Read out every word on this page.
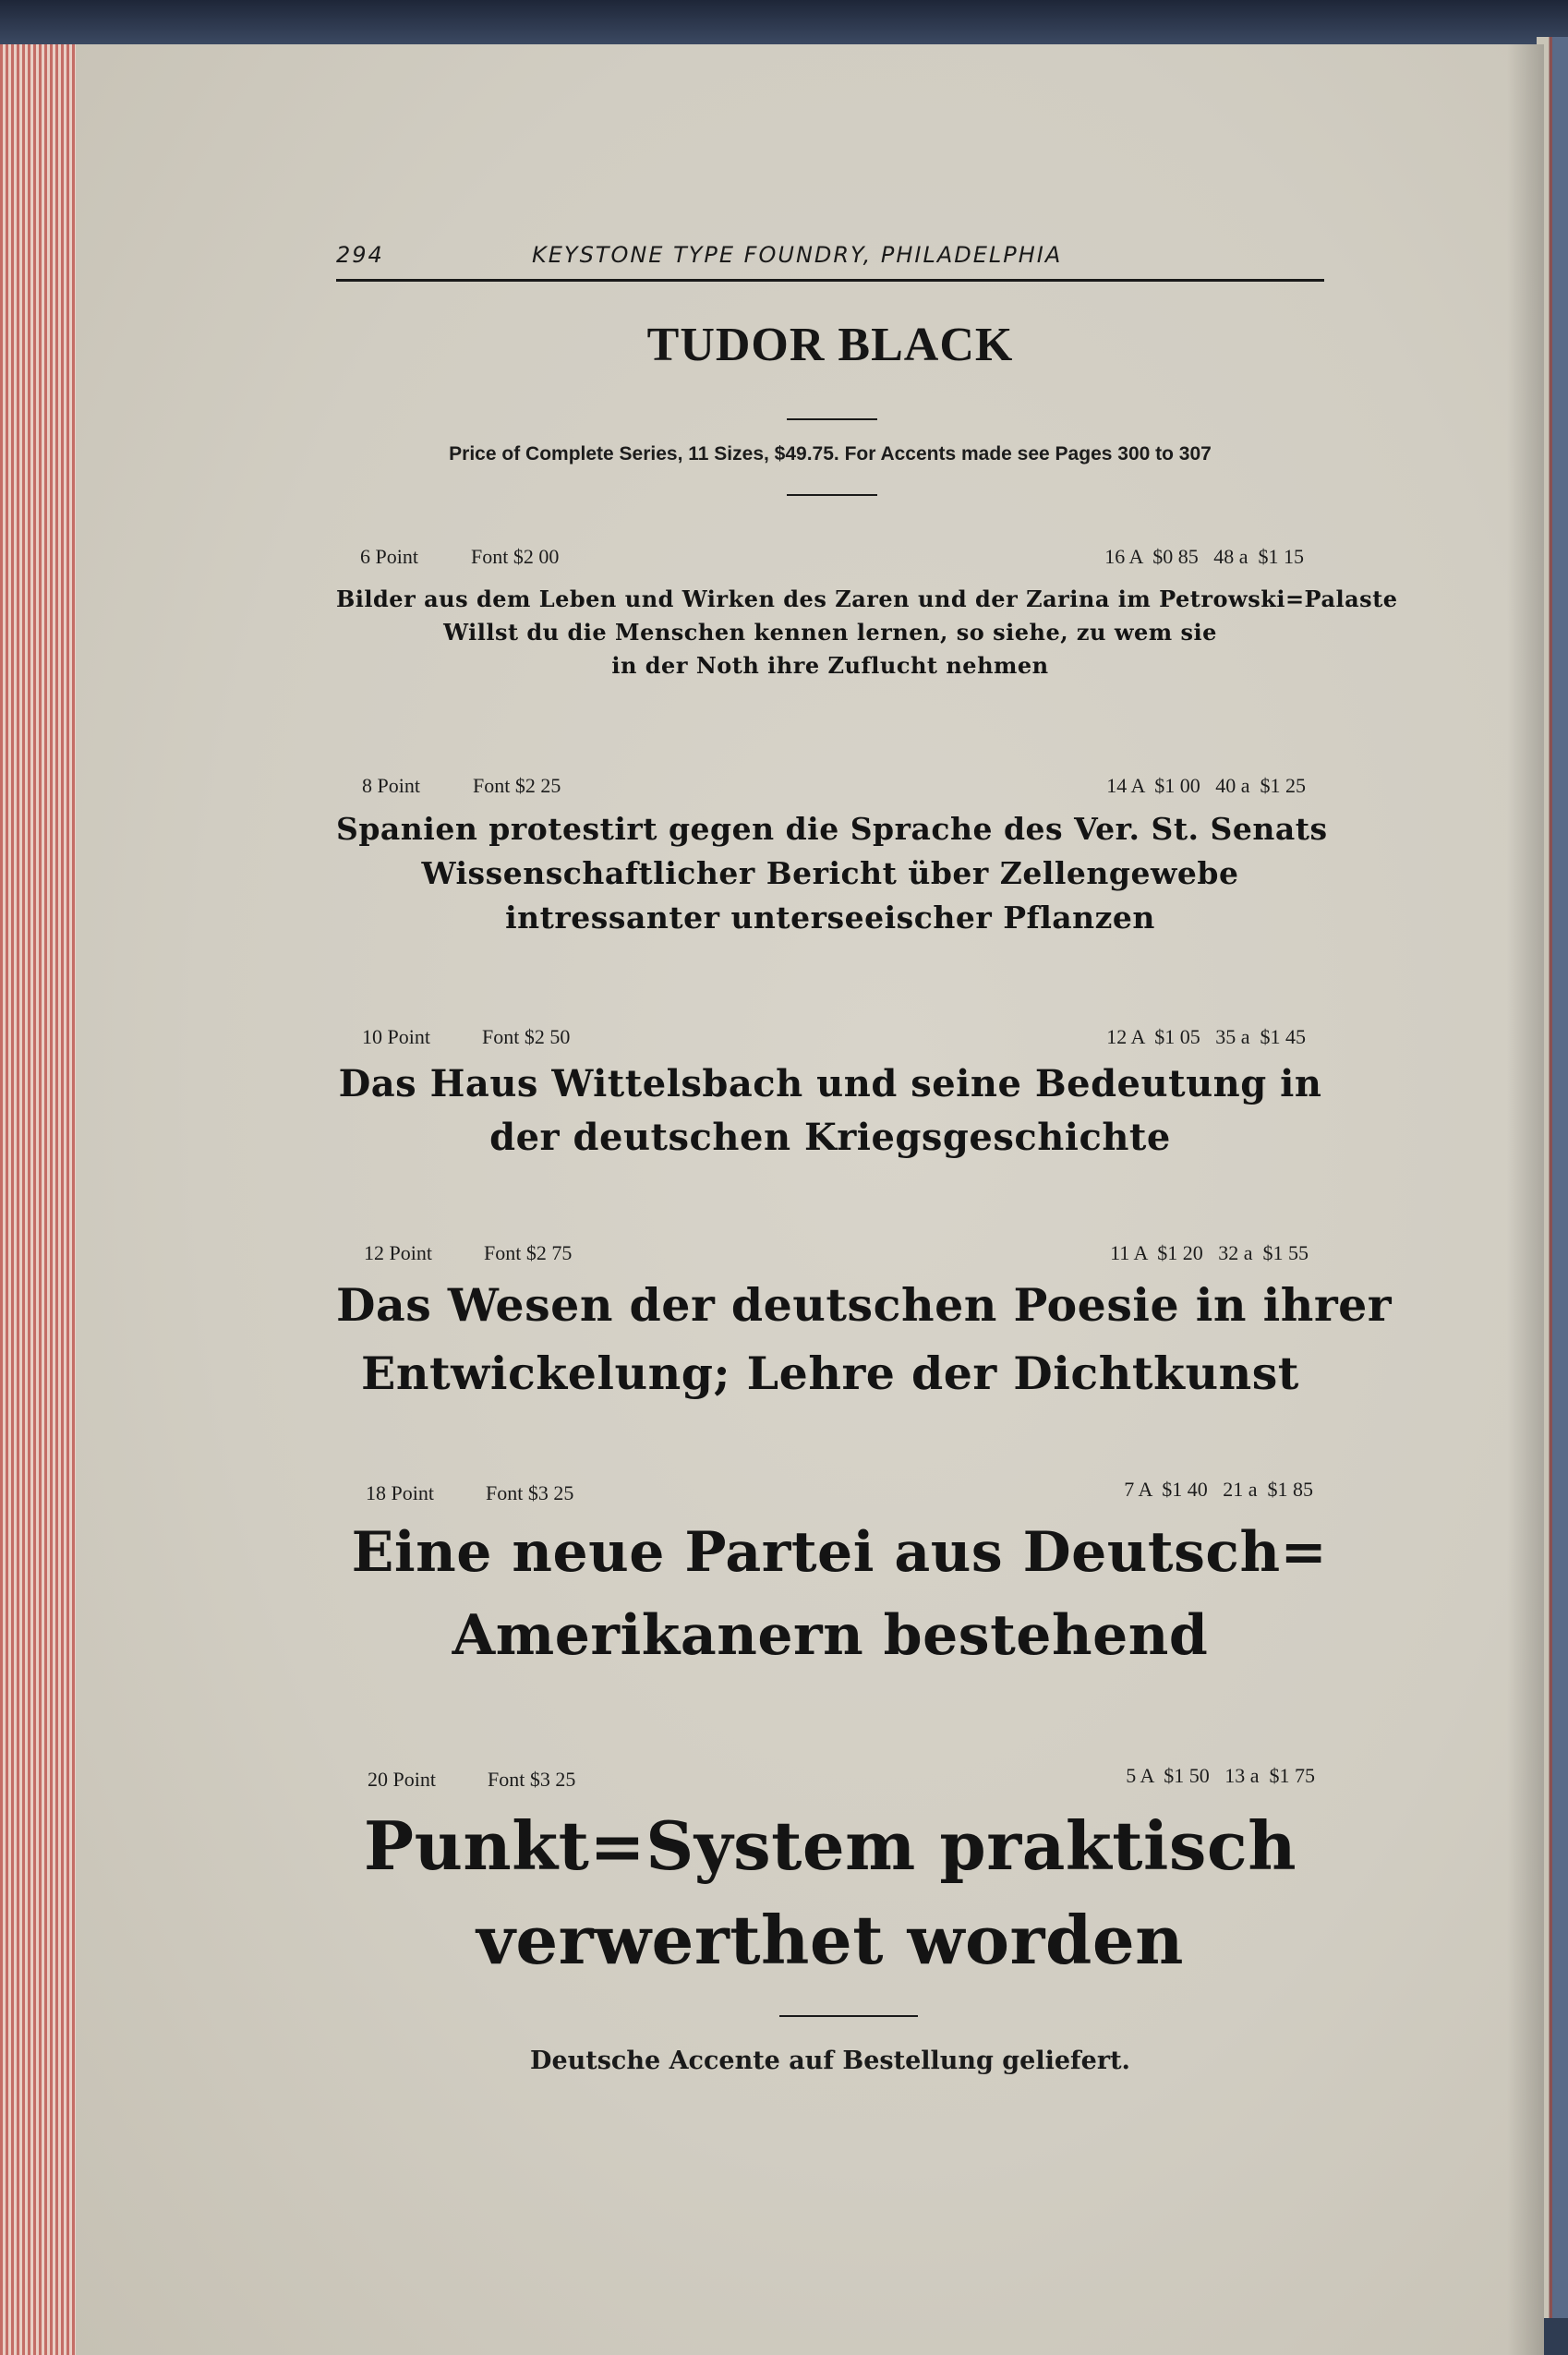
294	KEYSTONE TYPE FOUNDRY, PHILADELPHIA
TUDOR BLACK
Price of Complete Series, 11 Sizes, $49.75. For Accents made see Pages 300 to 307
6 Point	Font $2 00	16 A  $0 85   48 a  $1 15
Bilder aus dem Leben und Wirken des Zaren und der Zarina im Petrowski=Palaste
Willst du die Menschen kennen lernen, so siehe, zu wem sie
in der Noth ihre Zuflucht nehmen
8 Point	Font $2 25	14 A  $1 00   40 a  $1 25
Spanien protestirt gegen die Sprache des Ver. St. Senats
Wissenschaftlicher Bericht über Zellengewebe
intressanter unterseeischer Pflanzen
10 Point	Font $2 50	12 A  $1 05   35 a  $1 45
Das Haus Wittelsbach und seine Bedeutung in
der deutschen Kriegsgeschichte
12 Point	Font $2 75	11 A  $1 20   32 a  $1 55
Das Wesen der deutschen Poesie in ihrer
Entwickelung; Lehre der Dichtkunst
18 Point	Font $3 25	7 A  $1 40   21 a  $1 85
Eine neue Partei aus Deutsch=
Amerikanern bestehend
20 Point	Font $3 25	5 A  $1 50   13 a  $1 75
Punkt=System praktisch
verwerthet worden
Deutsche Accente auf Bestellung geliefert.
